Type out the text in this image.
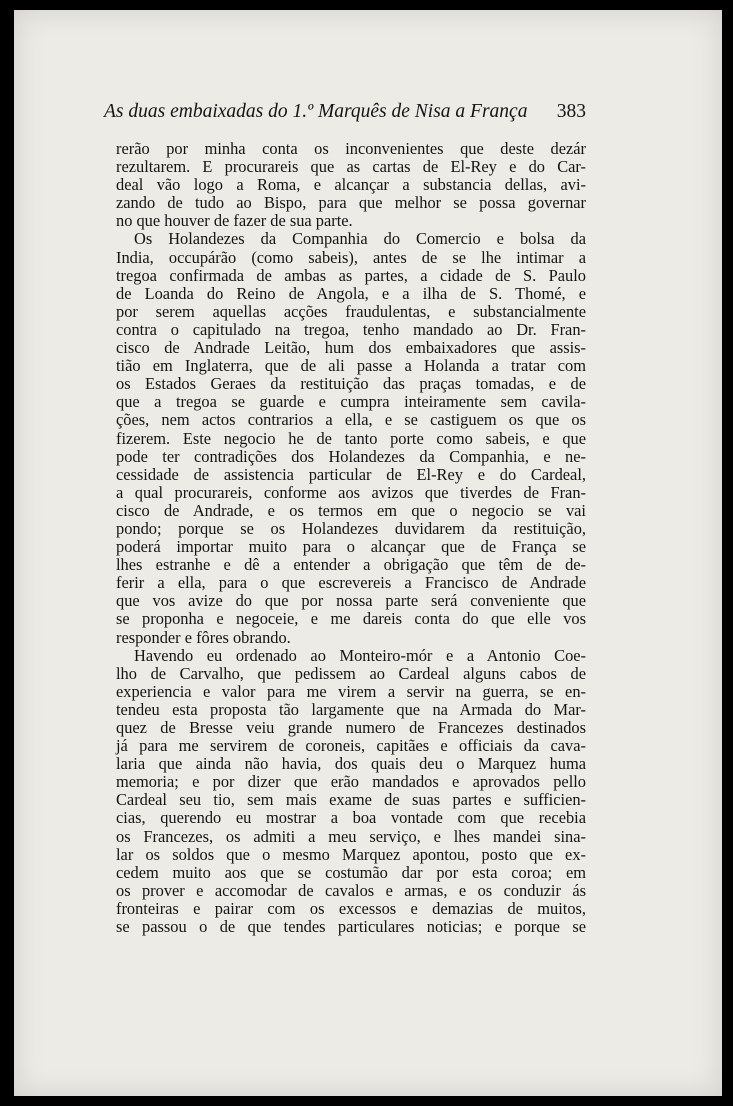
As duas embaixadas do 1.º Marquês de Nisa a França 383
rerão por minha conta os inconvenientes que deste dezár
rezultarem. E procurareis que as cartas de El-Rey e do Car-
deal vão logo a Roma, e alcançar a substancia dellas, avi-
zando de tudo ao Bispo, para que melhor se possa governar
no que houver de fazer de sua parte.
Os Holandezes da Companhia do Comercio e bolsa da
India, occupárão (como sabeis), antes de se lhe intimar a
tregoa confirmada de ambas as partes, a cidade de S. Paulo
de Loanda do Reino de Angola, e a ilha de S. Thomé, e
por serem aquellas acções fraudulentas, e substancialmente
contra o capitulado na tregoa, tenho mandado ao Dr. Fran-
cisco de Andrade Leitão, hum dos embaixadores que assis-
tião em Inglaterra, que de ali passe a Holanda a tratar com
os Estados Geraes da restituição das praças tomadas, e de
que a tregoa se guarde e cumpra inteiramente sem cavila-
ções, nem actos contrarios a ella, e se castiguem os que os
fizerem. Este negocio he de tanto porte como sabeis, e que
pode ter contradições dos Holandezes da Companhia, e ne-
cessidade de assistencia particular de El-Rey e do Cardeal,
a qual procurareis, conforme aos avizos que tiverdes de Fran-
cisco de Andrade, e os termos em que o negocio se vai
pondo; porque se os Holandezes duvidarem da restituição,
poderá importar muito para o alcançar que de França se
lhes estranhe e dê a entender a obrigação que têm de de-
ferir a ella, para o que escrevereis a Francisco de Andrade
que vos avize do que por nossa parte será conveniente que
se proponha e negoceie, e me dareis conta do que elle vos
responder e fôres obrando.
Havendo eu ordenado ao Monteiro-mór e a Antonio Coe-
lho de Carvalho, que pedissem ao Cardeal alguns cabos de
experiencia e valor para me virem a servir na guerra, se en-
tendeu esta proposta tão largamente que na Armada do Mar-
quez de Bresse veiu grande numero de Francezes destinados
já para me servirem de coroneis, capitães e officiais da cava-
laria que ainda não havia, dos quais deu o Marquez huma
memoria; e por dizer que erão mandados e aprovados pello
Cardeal seu tio, sem mais exame de suas partes e sufficien-
cias, querendo eu mostrar a boa vontade com que recebia
os Francezes, os admiti a meu serviço, e lhes mandei sina-
lar os soldos que o mesmo Marquez apontou, posto que ex-
cedem muito aos que se costumão dar por esta coroa; em
os prover e accomodar de cavalos e armas, e os conduzir ás
fronteiras e pairar com os excessos e demazias de muitos,
se passou o de que tendes particulares noticias; e porque se
